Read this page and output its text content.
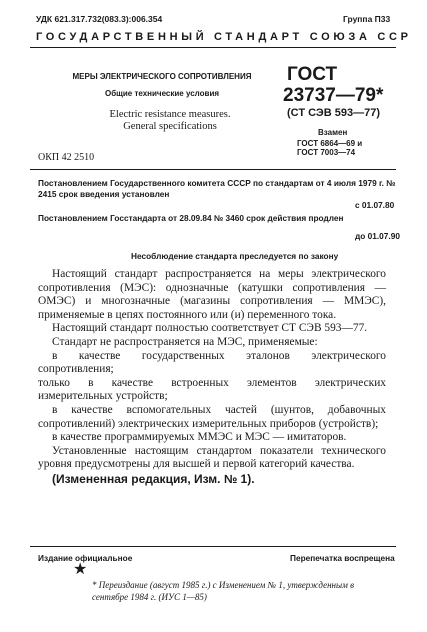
УДК 621.317.732(083.3):006.354	Группа П33
ГОСУДАРСТВЕННЫЙ СТАНДАРТ СОЮЗА ССР
МЕРЫ ЭЛЕКТРИЧЕСКОГО СОПРОТИВЛЕНИЯ
Общие технические условия
Electric resistance measures.
General specifications
ОКП 42 2510
ГОСТ
23737—79*
(СТ СЭВ 593—77)
Взамен
ГОСТ 6864—69 и
ГОСТ 7003—74
Постановлением Государственного комитета СССР по стандартам от 4 июля 1979 г. № 2415 срок введения установлен
с 01.07.80
Постановлением Госстандарта от 28.09.84 № 3460 срок действия продлен
до 01.07.90
Несоблюдение стандарта преследуется по закону

Настоящий стандарт распространяется на меры электрического сопротивления (МЭС): однозначные (катушки сопротивления — ОМЭС) и многозначные (магазины сопротивления — ММЭС), применяемые в цепях постоянного или (и) переменного тока.

Настоящий стандарт полностью соответствует СТ СЭВ 593—77.

Стандарт не распространяется на МЭС, применяемые:

в качестве государственных эталонов электрического сопротивления;

только в качестве встроенных элементов электрических измерительных устройств;

в качестве вспомогательных частей (шунтов, добавочных сопротивлений) электрических измерительных приборов (устройств);

в качестве программируемых ММЭС и МЭС — имитаторов.

Установленные настоящим стандартом показатели технического уровня предусмотрены для высшей и первой категорий качества.

(Измененная редакция, Изм. № 1).

Издание официальное	Перепечатка воспрещена
★
* Переиздание (август 1985 г.) с Изменением № 1, утвержденным в сентябре 1984 г. (ИУС 1—85)
